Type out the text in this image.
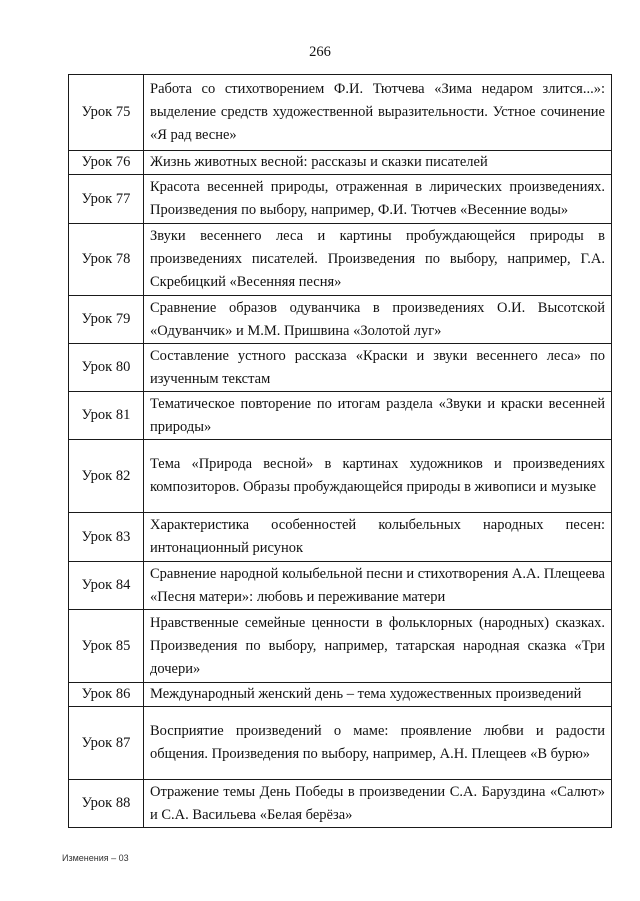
266
Урок 75	Работа со стихотворением Ф.И. Тютчева «Зима недаром злится...»: выделение средств художественной выразительности. Устное сочинение «Я рад весне»

Урок 76	Жизнь животных весной: рассказы и сказки писателей

Урок 77	Красота весенней природы, отраженная в лирических произведениях. Произведения по выбору, например, Ф.И. Тютчев «Весенние воды»

Урок 78	Звуки весеннего леса и картины пробуждающейся природы в произведениях писателей. Произведения по выбору, например, Г.А. Скребицкий «Весенняя песня»

Урок 79	Сравнение образов одуванчика в произведениях О.И. Высотской «Одуванчик» и М.М. Пришвина «Золотой луг»

Урок 80	Составление устного рассказа «Краски и звуки весеннего леса» по изученным текстам

Урок 81	Тематическое повторение по итогам раздела «Звуки и краски весенней природы»

Урок 82	Тема «Природа весной» в картинах художников и произведениях композиторов. Образы пробуждающейся природы в живописи и музыке

Урок 83	Характеристика особенностей колыбельных народных песен: интонационный рисунок

Урок 84	Сравнение народной колыбельной песни и стихотворения А.А. Плещеева «Песня матери»: любовь и переживание матери

Урок 85	Нравственные семейные ценности в фольклорных (народных) сказках. Произведения по выбору, например, татарская народная сказка «Три дочери»

Урок 86	Международный женский день – тема художественных произведений

Урок 87	Восприятие произведений о маме: проявление любви и радости общения. Произведения по выбору, например, А.Н. Плещеев «В бурю»

Урок 88	Отражение темы День Победы в произведении С.А. Баруздина «Салют» и С.А. Васильева «Белая берёза»
Изменения – 03
